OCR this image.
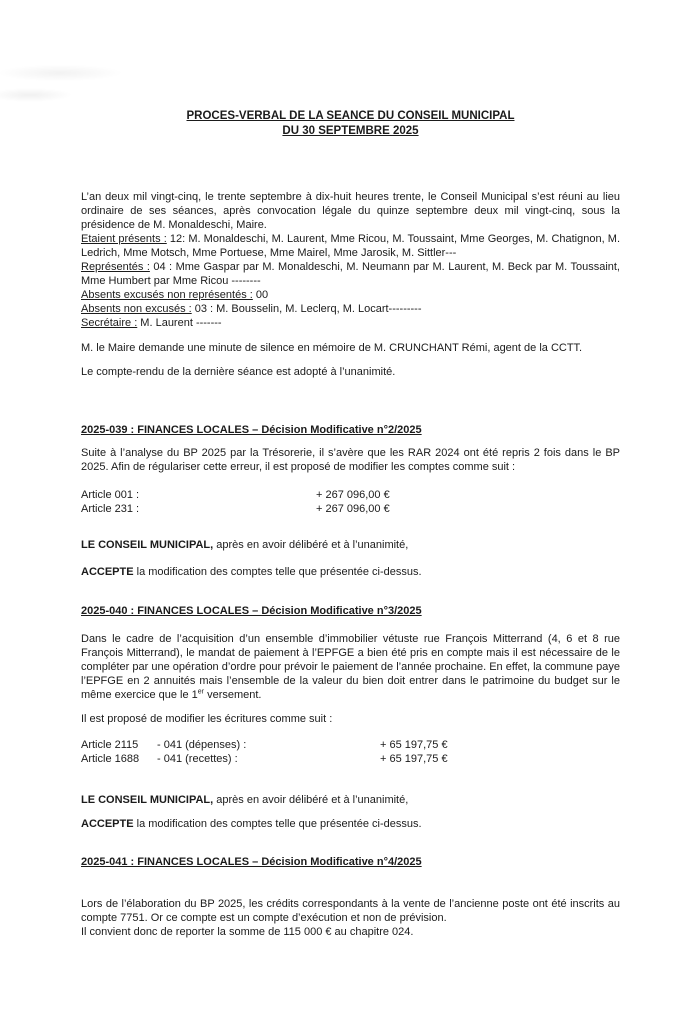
PROCES-VERBAL DE LA SEANCE DU CONSEIL MUNICIPAL
DU 30 SEPTEMBRE 2025

L’an deux mil vingt-cinq, le trente septembre à dix-huit heures trente, le Conseil Municipal s’est réuni au lieu ordinaire de ses séances, après convocation légale du quinze septembre deux mil vingt-cinq, sous la présidence de M. Monaldeschi, Maire.

Etaient présents : 12: M. Monaldeschi, M. Laurent, Mme Ricou, M. Toussaint, Mme Georges, M. Chatignon, M. Ledrich, Mme Motsch, Mme Portuese, Mme Mairel, Mme Jarosik, M. Sittler---

Représentés : 04 : Mme Gaspar par M. Monaldeschi, M. Neumann par M. Laurent, M. Beck par M. Toussaint, Mme Humbert par Mme Ricou --------

Absents excusés non représentés : 00

Absents non excusés : 03 : M. Bousselin, M. Leclerq, M. Locart---------

Secrétaire : M. Laurent -------

M. le Maire demande une minute de silence en mémoire de M. CRUNCHANT Rémi, agent de la CCTT.

Le compte-rendu de la dernière séance est adopté à l’unanimité.

2025-039 : FINANCES LOCALES – Décision Modificative n°2/2025

Suite à l’analyse du BP 2025 par la Trésorerie, il s’avère que les RAR 2024 ont été repris 2 fois dans le BP 2025. Afin de régulariser cette erreur, il est proposé de modifier les comptes comme suit :

Article 001 :	+ 267 096,00 €
Article 231 :	+ 267 096,00 €

LE CONSEIL MUNICIPAL, après en avoir délibéré et à l’unanimité,

ACCEPTE la modification des comptes telle que présentée ci-dessus.

2025-040 : FINANCES LOCALES – Décision Modificative n°3/2025

Dans le cadre de l’acquisition d’un ensemble d’immobilier vétuste rue François Mitterrand (4, 6 et 8 rue François Mitterrand), le mandat de paiement à l’EPFGE a bien été pris en compte mais il est nécessaire de le compléter par une opération d’ordre pour prévoir le paiement de l’année prochaine. En effet, la commune paye l’EPFGE en 2 annuités mais l’ensemble de la valeur du bien doit entrer dans le patrimoine du budget sur le même exercice que le 1er versement.

Il est proposé de modifier les écritures comme suit :

Article 2115	- 041 (dépenses) :	+ 65 197,75 €
Article 1688	- 041 (recettes) :	+ 65 197,75 €

LE CONSEIL MUNICIPAL, après en avoir délibéré et à l’unanimité,

ACCEPTE la modification des comptes telle que présentée ci-dessus.

2025-041 : FINANCES LOCALES – Décision Modificative n°4/2025

Lors de l’élaboration du BP 2025, les crédits correspondants à la vente de l’ancienne poste ont été inscrits au compte 7751. Or ce compte est un compte d’exécution et non de prévision.

Il convient donc de reporter la somme de 115 000 € au chapitre 024.
